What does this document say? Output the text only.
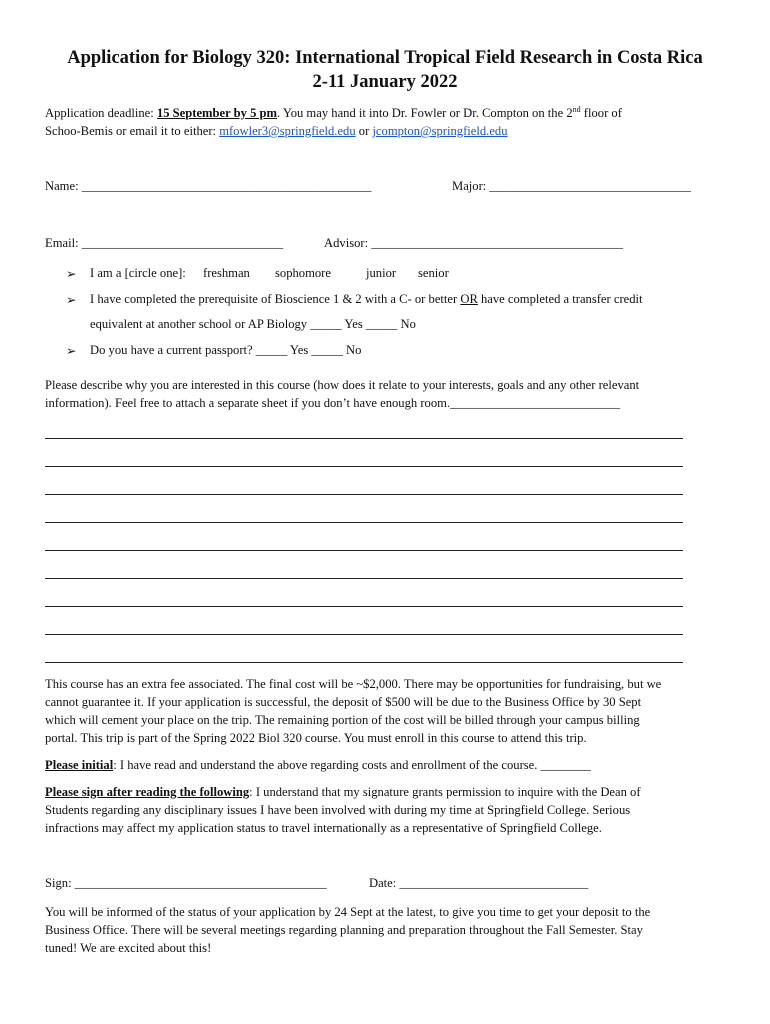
Application for Biology 320: International Tropical Field Research in Costa Rica
2-11 January 2022
Application deadline: 15 September by 5 pm. You may hand it into Dr. Fowler or Dr. Compton on the 2nd floor of
Schoo-Bemis or email it to either: mfowler3@springfield.edu or jcompton@springfield.edu
Name: ______________________________________________	Major: ________________________________
Email: ________________________________	Advisor: ________________________________________
➢ I am a [circle one]: freshman sophomore	junior senior
➢ I have completed the prerequisite of Bioscience 1 & 2 with a C- or better OR have completed a transfer credit
equivalent at another school or AP Biology _____ Yes _____ No
➢ Do you have a current passport? _____ Yes _____ No
Please describe why you are interested in this course (how does it relate to your interests, goals and any other relevant
information). Feel free to attach a separate sheet if you don’t have enough room.___________________________
This course has an extra fee associated. The final cost will be ~$2,000. There may be opportunities for fundraising, but we
cannot guarantee it. If your application is successful, the deposit of $500 will be due to the Business Office by 30 Sept
which will cement your place on the trip. The remaining portion of the cost will be billed through your campus billing
portal. This trip is part of the Spring 2022 Biol 320 course. You must enroll in this course to attend this trip.
Please initial: I have read and understand the above regarding costs and enrollment of the course. ________
Please sign after reading the following: I understand that my signature grants permission to inquire with the Dean of
Students regarding any disciplinary issues I have been involved with during my time at Springfield College. Serious
infractions may affect my application status to travel internationally as a representative of Springfield College.
Sign: ________________________________________	Date: ______________________________
You will be informed of the status of your application by 24 Sept at the latest, to give you time to get your deposit to the
Business Office. There will be several meetings regarding planning and preparation throughout the Fall Semester. Stay
tuned! We are excited about this!
